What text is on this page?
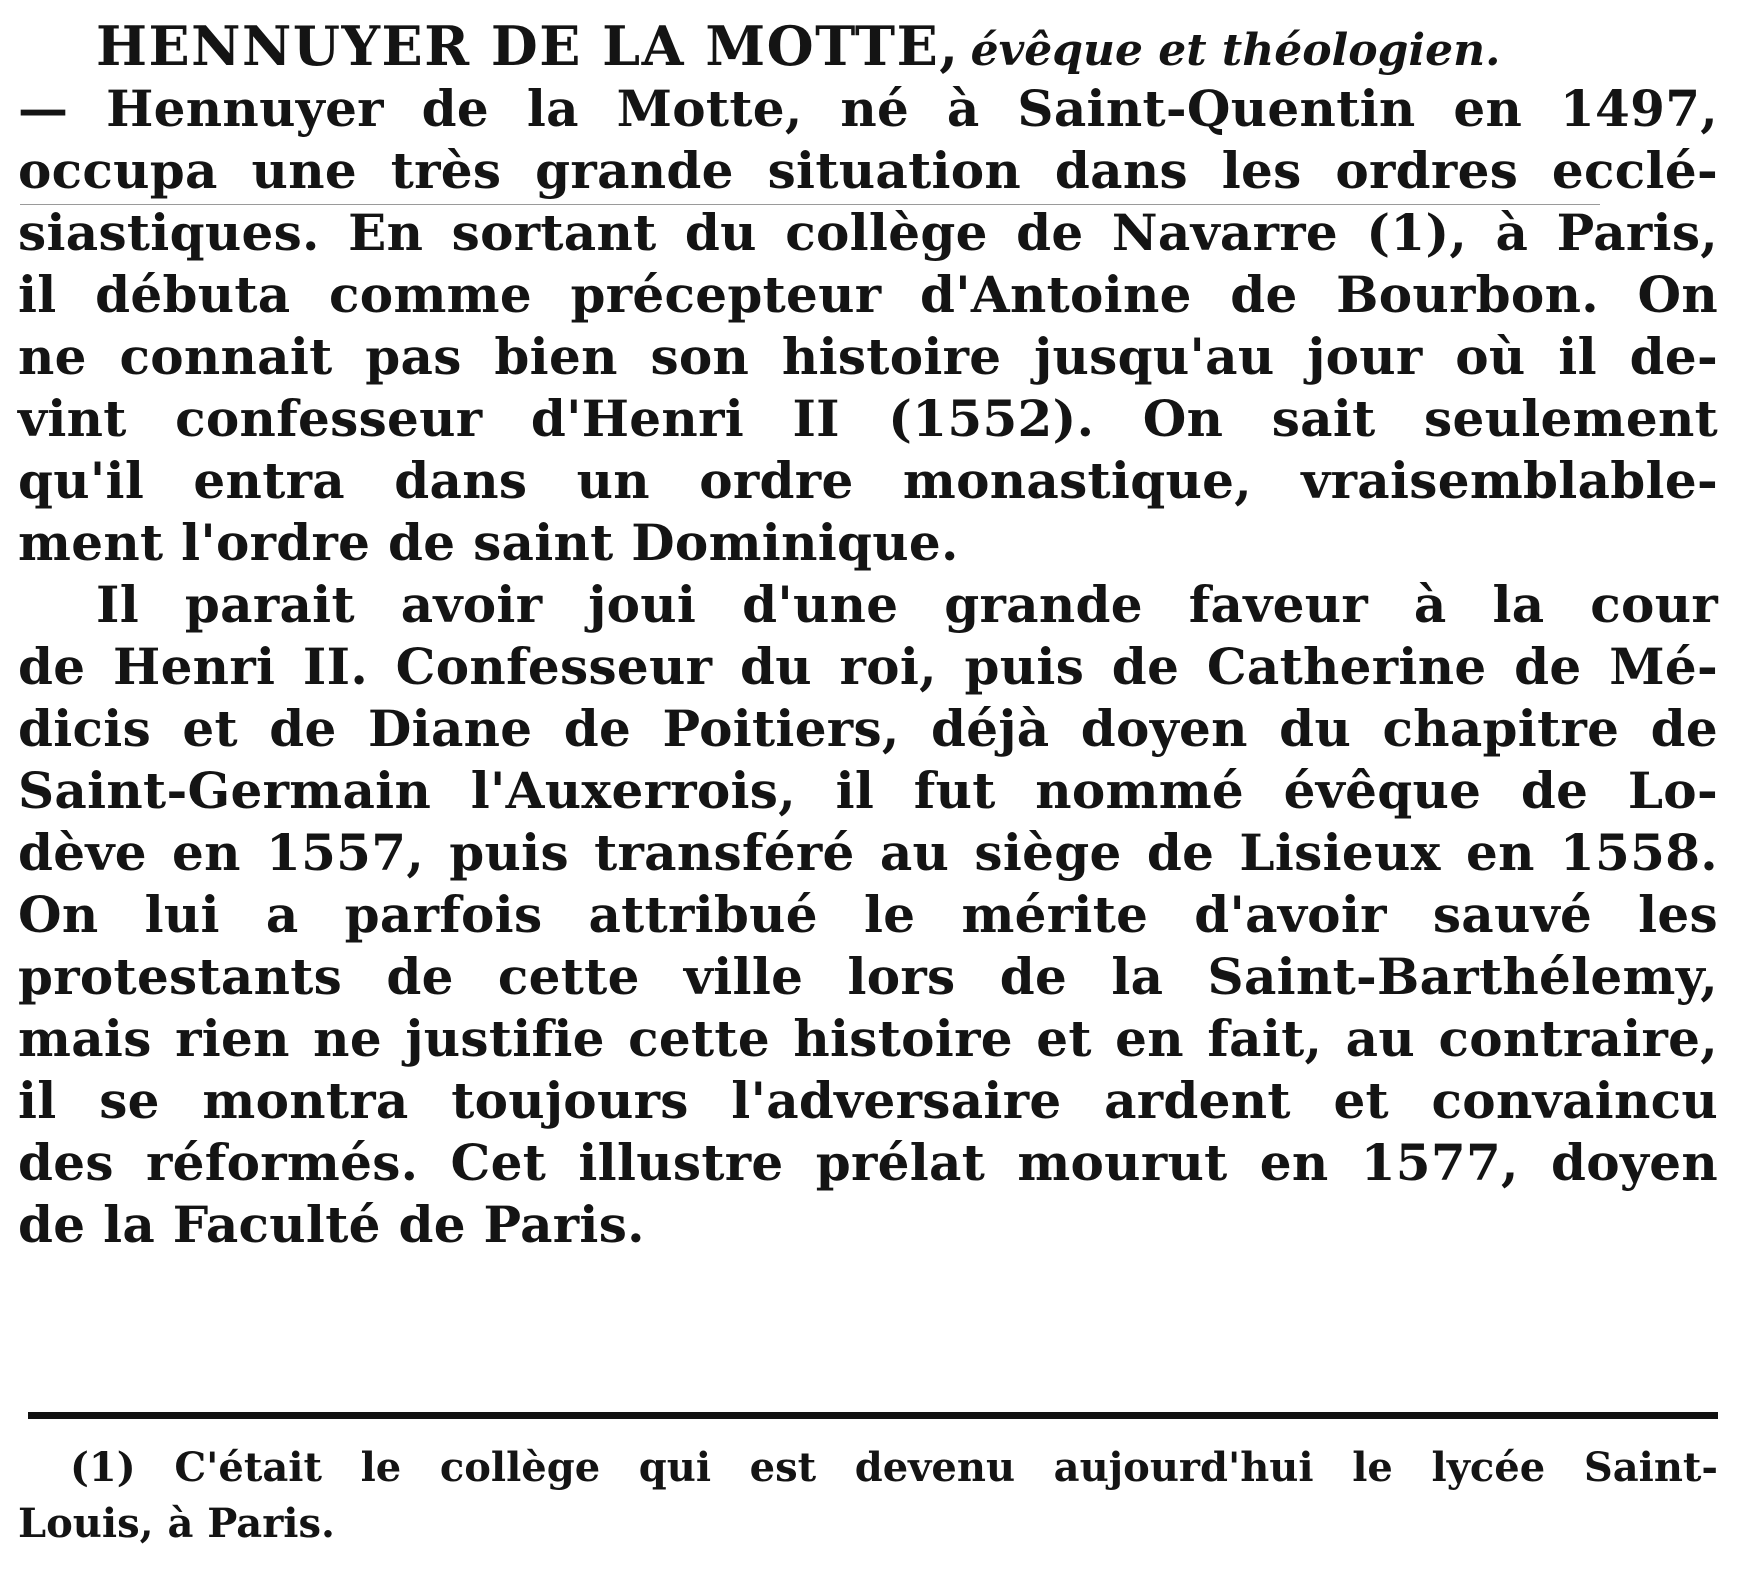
HENNUYER DE LA MOTTE, évêque et théologien.
— Hennuyer de la Motte, né à Saint-Quentin en 1497,
occupa une très grande situation dans les ordres ecclé-
siastiques. En sortant du collège de Navarre (1), à Paris,
il débuta comme précepteur d'Antoine de Bourbon. On
ne connait pas bien son histoire jusqu'au jour où il de-
vint confesseur d'Henri II (1552). On sait seulement
qu'il entra dans un ordre monastique, vraisemblable-
ment l'ordre de saint Dominique.
Il parait avoir joui d'une grande faveur à la cour
de Henri II. Confesseur du roi, puis de Catherine de Mé-
dicis et de Diane de Poitiers, déjà doyen du chapitre de
Saint-Germain l'Auxerrois, il fut nommé évêque de Lo-
dève en 1557, puis transféré au siège de Lisieux en 1558.
On lui a parfois attribué le mérite d'avoir sauvé les
protestants de cette ville lors de la Saint-Barthélemy,
mais rien ne justifie cette histoire et en fait, au contraire,
il se montra toujours l'adversaire ardent et convaincu
des réformés. Cet illustre prélat mourut en 1577, doyen
de la Faculté de Paris.
(1) C'était le collège qui est devenu aujourd'hui le lycée Saint-
Louis, à Paris.
